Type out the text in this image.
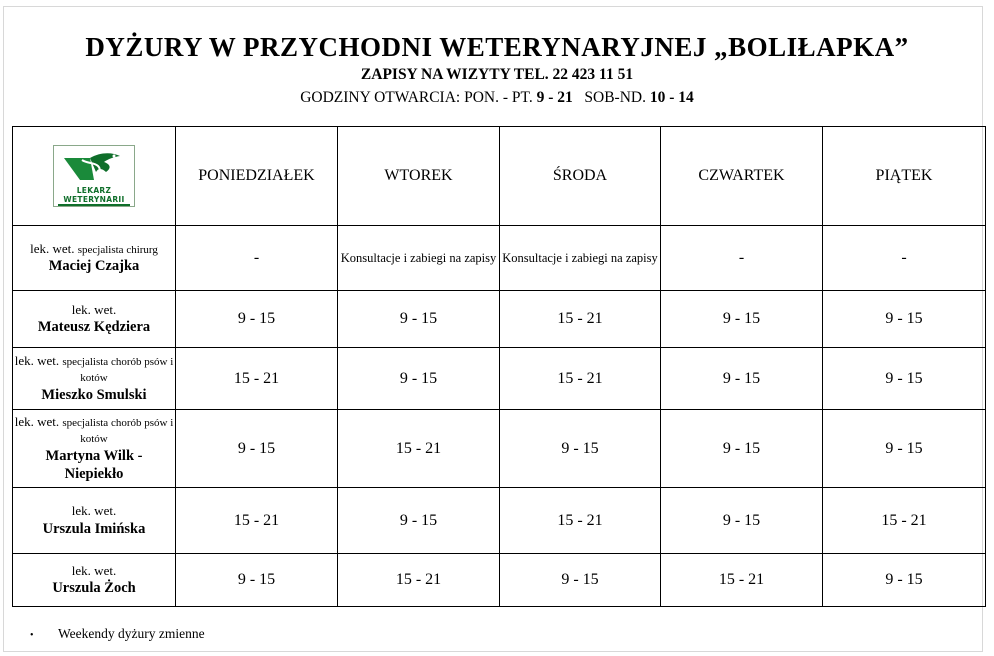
DYŻURY W PRZYCHODNI WETERYNARYJNEJ „BOLIŁAPKA”
ZAPISY NA WIZYTY TEL. 22 423 11 51
GODZINY OTWARCIA: PON. - PT. 9 - 21   SOB-ND. 10 - 14
LEKARZ
WETERYNARII	PONIEDZIAŁEK	WTOREK	ŚRODA	CZWARTEK	PIĄTEK
lek. wet. specjalista chirurg
Maciej Czajka	-	Konsultacje i zabiegi na zapisy	Konsultacje i zabiegi na zapisy	-	-
lek. wet.
Mateusz Kędziera	9 - 15	9 - 15	15 - 21	9 - 15	9 - 15
lek. wet. specjalista chorób psów i kotów
Mieszko Smulski	15 - 21	9 - 15	15 - 21	9 - 15	9 - 15
lek. wet. specjalista chorób psów i kotów
Martyna Wilk - Niepiekło	9 - 15	15 - 21	9 - 15	9 - 15	9 - 15
lek. wet.
Urszula Imińska	15 - 21	9 - 15	15 - 21	9 - 15	15 - 21
lek. wet.
Urszula Żoch	9 - 15	15 - 21	9 - 15	15 - 21	9 - 15
• Weekendy dyżury zmienne
